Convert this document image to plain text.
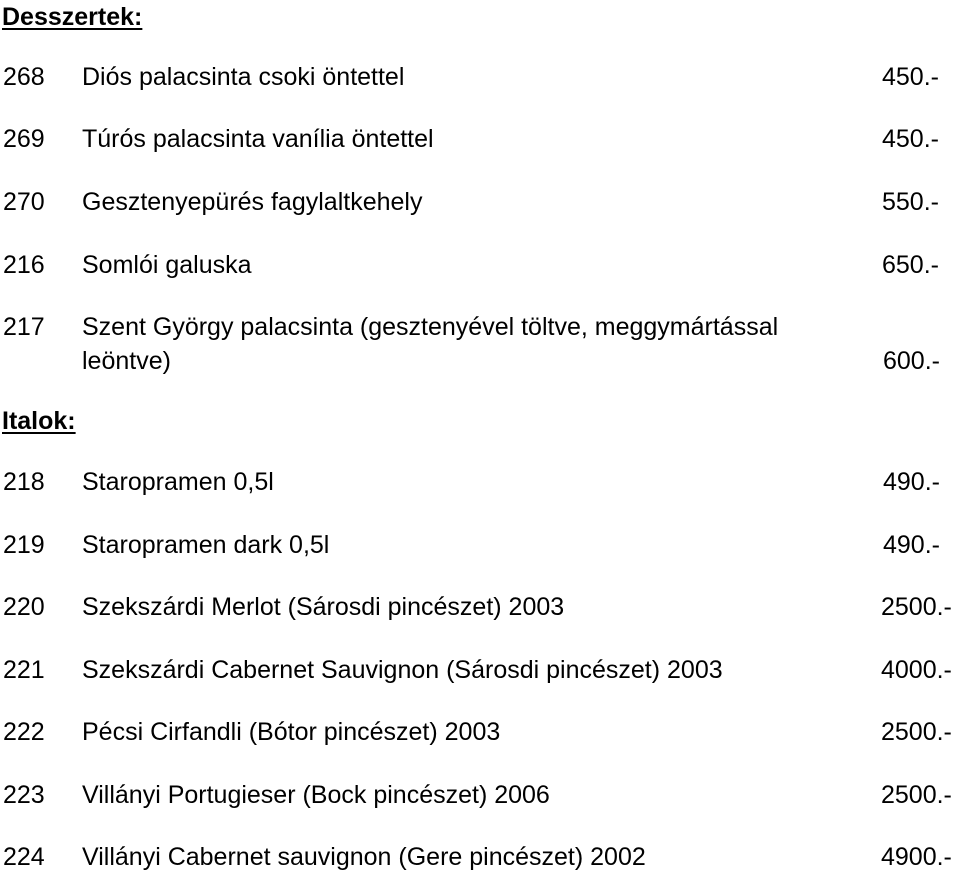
Desszertek:
268 Diós palacsinta csoki öntettel	450.-
269 Túrós palacsinta vanília öntettel	450.-
270 Gesztenyepürés fagylaltkehely	550.-
216 Somlói galuska	650.-
217 Szent György palacsinta (gesztenyével töltve, meggymártással
leöntve)	600.-
Italok:
218 Staropramen 0,5l	490.-
219 Staropramen dark 0,5l	490.-
220 Szekszárdi Merlot (Sárosdi pincészet) 2003	2500.-
221 Szekszárdi Cabernet Sauvignon (Sárosdi pincészet) 2003	4000.-
222 Pécsi Cirfandli (Bótor pincészet) 2003	2500.-
223 Villányi Portugieser (Bock pincészet) 2006	2500.-
224 Villányi Cabernet sauvignon (Gere pincészet) 2002	4900.-
